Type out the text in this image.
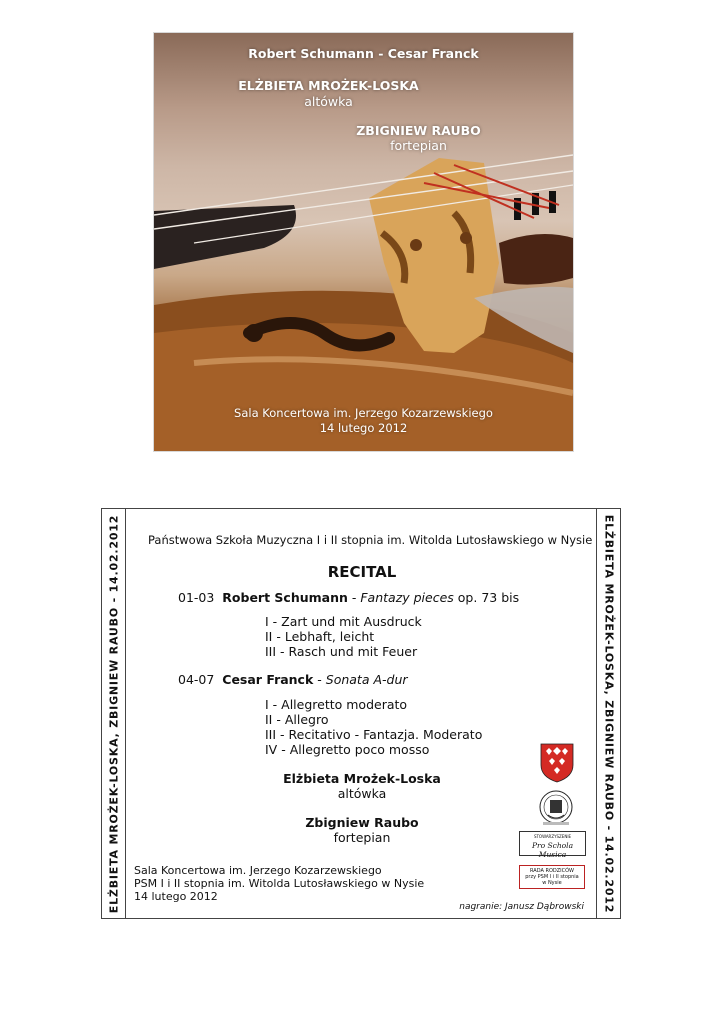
Robert Schumann - Cesar Franck
ELŻBIETA MROŻEK-LOSKA
altówka
ZBIGNIEW RAUBO
fortepian
Sala Koncertowa im. Jerzego Kozarzewskiego
14 lutego 2012
ELŻBIETA MROŻEK-LOSKA, ZBIGNIEW RAUBO - 14.02.2012	ELŻBIETA MROŻEK-LOSKA, ZBIGNIEW RAUBO - 14.02.2012
Państwowa Szkoła Muzyczna I i II stopnia im. Witolda Lutosławskiego w Nysie
RECITAL
01-03 Robert Schumann - Fantazy pieces op. 73 bis
I - Zart und mit Ausdruck
II - Lebhaft, leicht
III - Rasch und mit Feuer
04-07 Cesar Franck - Sonata A-dur
I - Allegretto moderato
II - Allegro
III - Recitativo - Fantazja. Moderato
IV - Allegretto poco mosso
Elżbieta Mrożek-Loska
altówka
Zbigniew Raubo
fortepian
Sala Koncertowa im. Jerzego Kozarzewskiego
PSM I i II stopnia im. Witolda Lutosławskiego w Nysie
14 lutego 2012
nagranie: Janusz Dąbrowski
STOWARZYSZENIE
Pro Schola Musica
RADA RODZICÓW
przy PSM I i II stopnia
w Nysie
